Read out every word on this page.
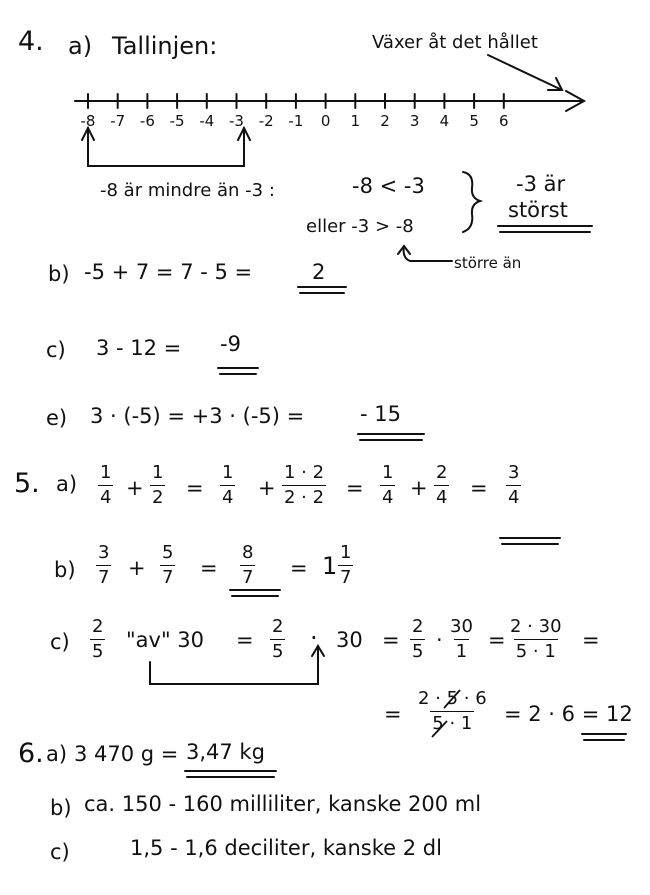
4. a) Tallinjen:	Växer åt det hållet
-8 -7 -6 -5 -4 -3 -2 -1	0	1	2	3	4	5	6
-8 är mindre än -3 :	-8 < -3
eller -3 > -8
-3 är
störst
större än
b) -5 + 7 = 7 - 5 =	2
c) 3 - 12 = -9
e) 3 · (-5) = +3 · (-5) =	- 15
5. $a) \frac{1}{4} + \frac{1}{2} = \frac{1}{4} + \frac{1 \cdot 2}{2 \cdot 2} = \frac{1}{4} + \frac{2}{4} = \frac{3}{4}$
$b) \frac{3}{7} + \frac{5}{7} = \frac{8}{7} = 1 \frac{1}{7}$
$c) \frac{2}{5}$ "av" $30 = \frac{2}{5} \cdot 30 = \frac{2}{5} \cdot \frac{30}{1} = \frac{2 \cdot 30}{5 \cdot 1}$ =
= $\frac{2 \cdot 5 \cdot 6}{5 \cdot 1} = 2 \cdot 6 = 12$
6. a) 3 470 g = 3,47 kg
b) ca. 150 - 160 milliliter, kanske 200 ml
c)	1,5 - 1,6 deciliter, kanske 2 dl
